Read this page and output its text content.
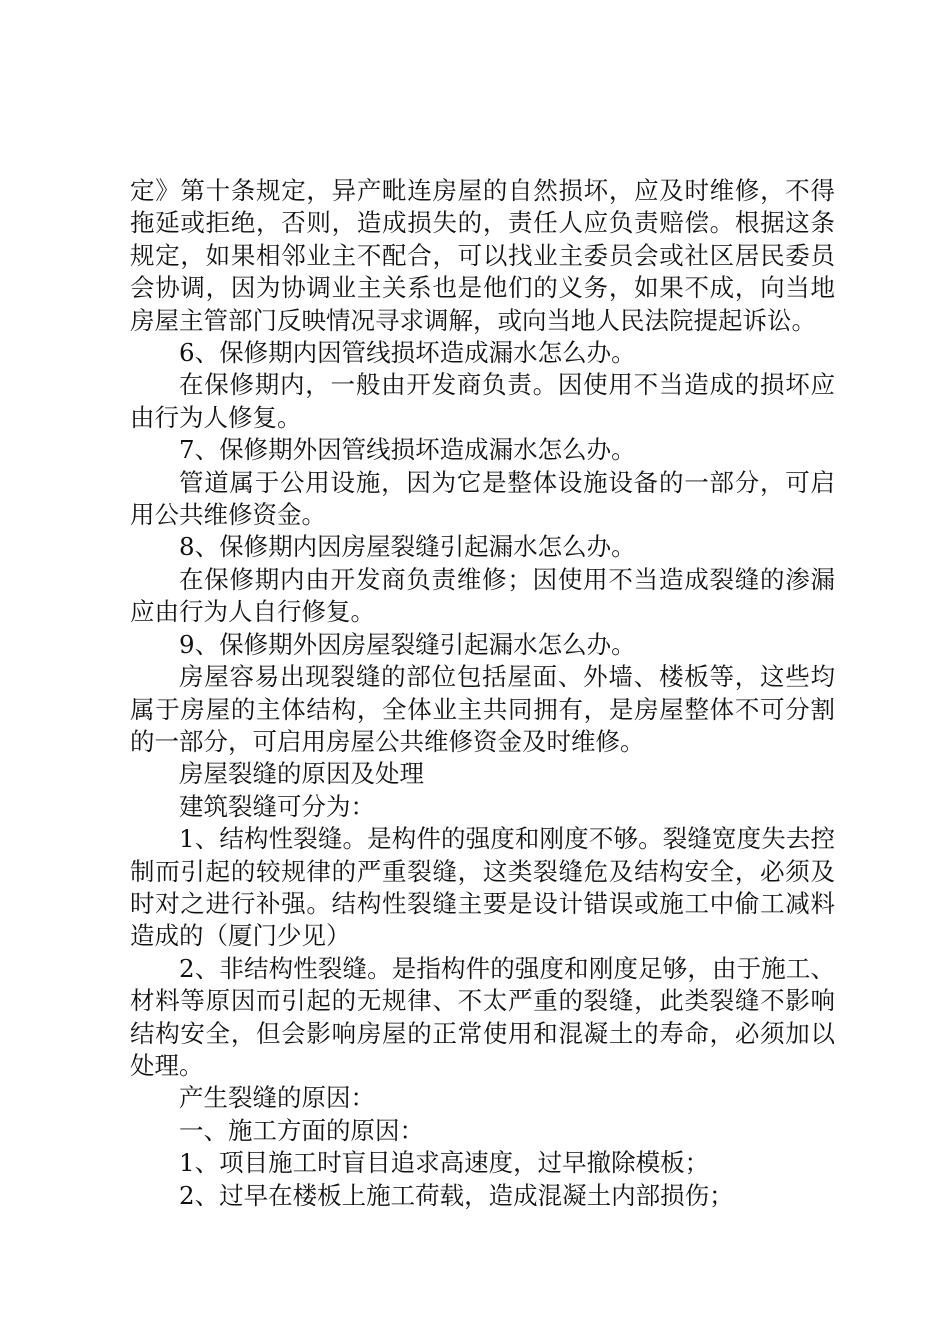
定》第十条规定，异产毗连房屋的自然损坏，应及时维修，不得拖延或拒绝，否则，造成损失的，责任人应负责赔偿。根据这条规定，如果相邻业主不配合，可以找业主委员会或社区居民委员会协调，因为协调业主关系也是他们的义务，如果不成，向当地房屋主管部门反映情况寻求调解，或向当地人民法院提起诉讼。

6、保修期内因管线损坏造成漏水怎么办。

在保修期内，一般由开发商负责。因使用不当造成的损坏应由行为人修复。

7、保修期外因管线损坏造成漏水怎么办。

管道属于公用设施，因为它是整体设施设备的一部分，可启用公共维修资金。

8、保修期内因房屋裂缝引起漏水怎么办。

在保修期内由开发商负责维修；因使用不当造成裂缝的渗漏应由行为人自行修复。

9、保修期外因房屋裂缝引起漏水怎么办。

房屋容易出现裂缝的部位包括屋面、外墙、楼板等，这些均属于房屋的主体结构，全体业主共同拥有，是房屋整体不可分割的一部分，可启用房屋公共维修资金及时维修。

房屋裂缝的原因及处理

建筑裂缝可分为：

1、结构性裂缝。是构件的强度和刚度不够。裂缝宽度失去控制而引起的较规律的严重裂缝，这类裂缝危及结构安全，必须及时对之进行补强。结构性裂缝主要是设计错误或施工中偷工减料造成的（厦门少见）

2、非结构性裂缝。是指构件的强度和刚度足够，由于施工、材料等原因而引起的无规律、不太严重的裂缝，此类裂缝不影响结构安全，但会影响房屋的正常使用和混凝土的寿命，必须加以处理。

产生裂缝的原因：

一、施工方面的原因：

1、项目施工时盲目追求高速度，过早撤除模板；

2、过早在楼板上施工荷载，造成混凝土内部损伤；
